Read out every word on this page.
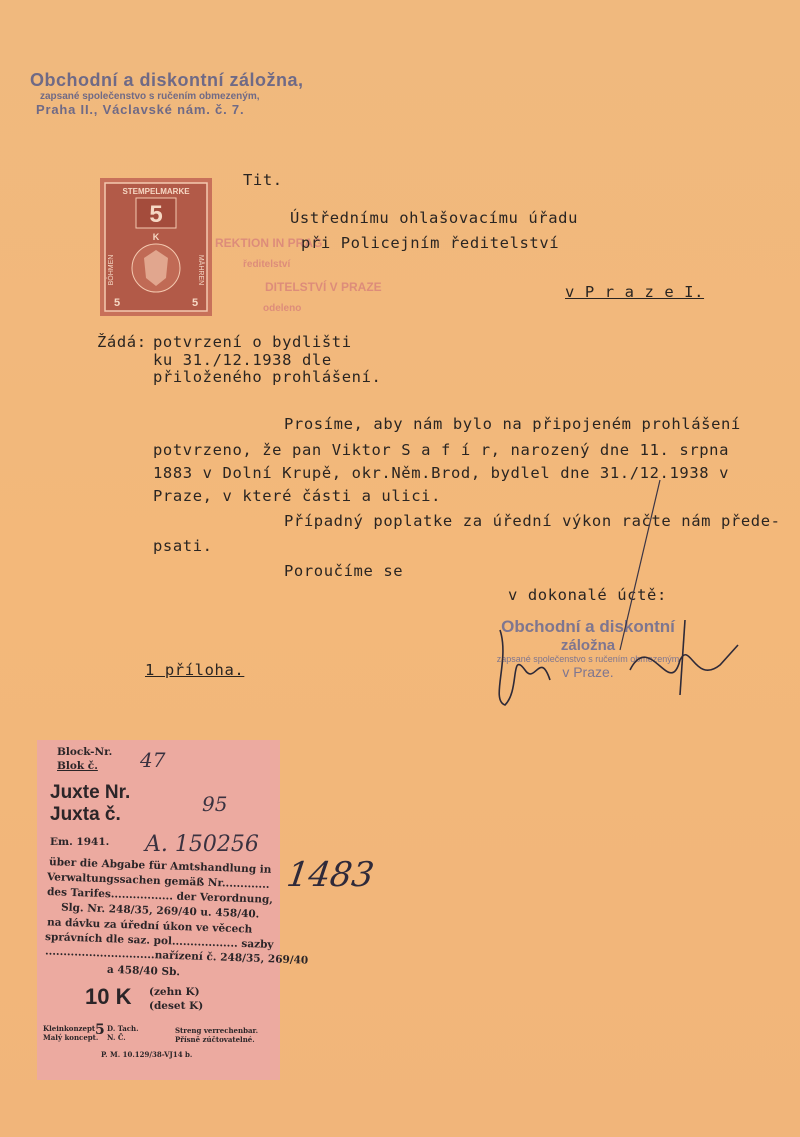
Obchodní a diskontní záložna,
zapsané společenstvo s ručením obmezeným,
Praha II., Václavské nám. č. 7.
STEMPELMARKE
5
K
BÖHMEN	MÄHREN
5	5
REKTION IN PRAG
ředitelství
DITELSTVÍ V PRAZE
odeleno
Tit.
Ústřednímu ohlašovacímu úřadu
při Policejním ředitelství
v P r a z e I.
Žádá: potvrzení o bydlišti
ku 31./12.1938 dle
přiloženého prohlášení.
Prosíme, aby nám bylo na připojeném prohlášení
potvrzeno, že pan Viktor S a f í r, narozený dne 11. srpna
1883 v Dolní Krupě, okr.Něm.Brod, bydlel dne 31./12.1938 v
Praze, v které části a ulici.
Případný poplatke za úřední výkon račte nám přede-
psati.
Poroučíme se
v dokonalé úctě:
1 příloha.
Obchodní a diskontní
záložna
zapsané společenstvo s ručením obmezeným
v Praze.
Block-Nr.
Blok č. 47
Juxte Nr.
Juxta č.	95
Em. 1941. A. 150256
über die Abgabe für Amtshandlung in
Verwaltungssachen gemäß Nr.............
des Tarifes................. der Verordnung,
Slg. Nr. 248/35, 269/40 u. 458/40.
na dávku za úřední úkon ve věcech
správních dle saz. pol.................. sazby
..............................nařízení č. 248/35, 269/40
a 458/40 Sb.
10 K (zehn K)
(deset K)
Kleinkonzept
Malý koncept.
5 D. Tach.
N. Č.
Streng verrechenbar.
Přísně zúčtovatelné.
P. M. 10.129/38-VJ14 b.
1483
